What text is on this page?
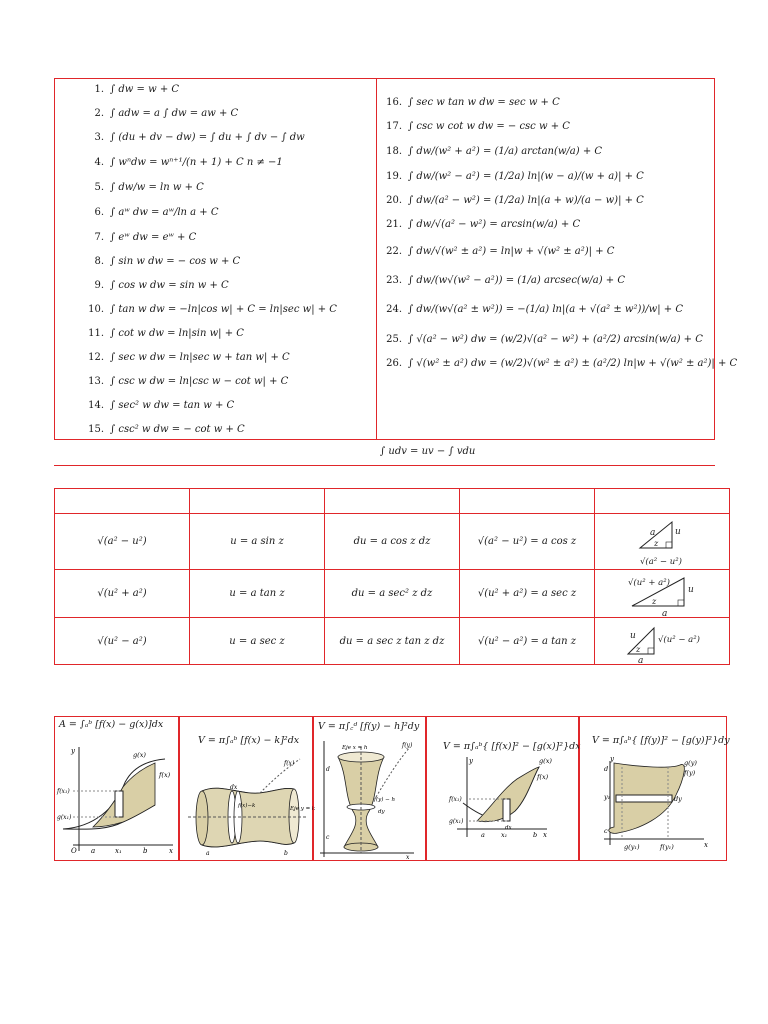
1. ∫ dw = w + C
2. ∫ adw = a ∫ dw = aw + C
3. ∫ (du + dv − dw) = ∫ du + ∫ dv − ∫ dw
4. ∫ wⁿdw = wⁿ⁺¹/(n + 1) + C n ≠ −1
5. ∫ dw/w = ln w + C
6. ∫ aʷ dw = aʷ/ln a + C
7. ∫ eʷ dw = eʷ + C
8. ∫ sin w dw = − cos w + C
9. ∫ cos w dw = sin w + C
10. ∫ tan w dw = −ln|cos w| + C = ln|sec w| + C
11. ∫ cot w dw = ln|sin w| + C
12. ∫ sec w dw = ln|sec w + tan w| + C
13. ∫ csc w dw = ln|csc w − cot w| + C
14. ∫ sec² w dw = tan w + C
15. ∫ csc² w dw = − cot w + C
16. ∫ sec w tan w dw = sec w + C
17. ∫ csc w cot w dw = − csc w + C
18. ∫ dw/(w² + a²) = (1/a) arctan(w/a) + C
19. ∫ dw/(w² − a²) = (1/2a) ln|(w − a)/(w + a)| + C
20. ∫ dw/(a² − w²) = (1/2a) ln|(a + w)/(a − w)| + C
21. ∫ dw/√(a² − w²) = arcsin(w/a) + C
22. ∫ dw/√(w² ± a²) = ln|w + √(w² ± a²)| + C
23. ∫ dw/(w√(w² − a²)) = (1/a) arcsec(w/a) + C
24. ∫ dw/(w√(a² ± w²)) = −(1/a) ln|(a + √(a² ± w²))/w| + C
25. ∫ √(a² − w²) dw = (w/2)√(a² − w²) + (a²/2) arcsin(w/a) + C
26. ∫ √(w² ± a²) dw = (w/2)√(w² ± a²) ± (a²/2) ln|w + √(w² ± a²)| + C
∫ udv = uv − ∫ vdu

√(a² − u²)	u = a sin z	du = a cos z dz	√(a² − u²) = a cos z	
√(u² + a²)	u = a tan z	du = a sec² z dz	√(u² + a²) = a sec z	
√(u² − a²)	u = a sec z	du = a sec z tan z dz	√(u² − a²) = a tan z	
a u
z
√(a² − u²)
√(u² + a²)
u
z
a
u	√(u² − a²)
z
a
A = ∫ₐᵇ [f(x) − g(x)]dx
y	g(x)
f(x)
f(x₁)
g(x₁)
O a	x₁	b	x
V = π∫ₐᵇ [f(x) − k]²dx
f(x)
dx
f(x)−k	Eje y = k
a	b
V = π∫꜀ᵈ [f(y) − h]²dy
Eje x = h	f(y)
d
f(y) − h
dy
c
x
V = π∫ₐᵇ{ [f(x)]² − [g(x)]²}dx
y	g(x)
f(x)
f(x₁)
g(x₁)
a x₁	b x
dx
V = π∫ₐᵇ{ [f(y)]² − [g(y)]²}dy
y
d
g(y)
f(y)
y₁	dy
c
g(y₁)	f(y₁)	x
